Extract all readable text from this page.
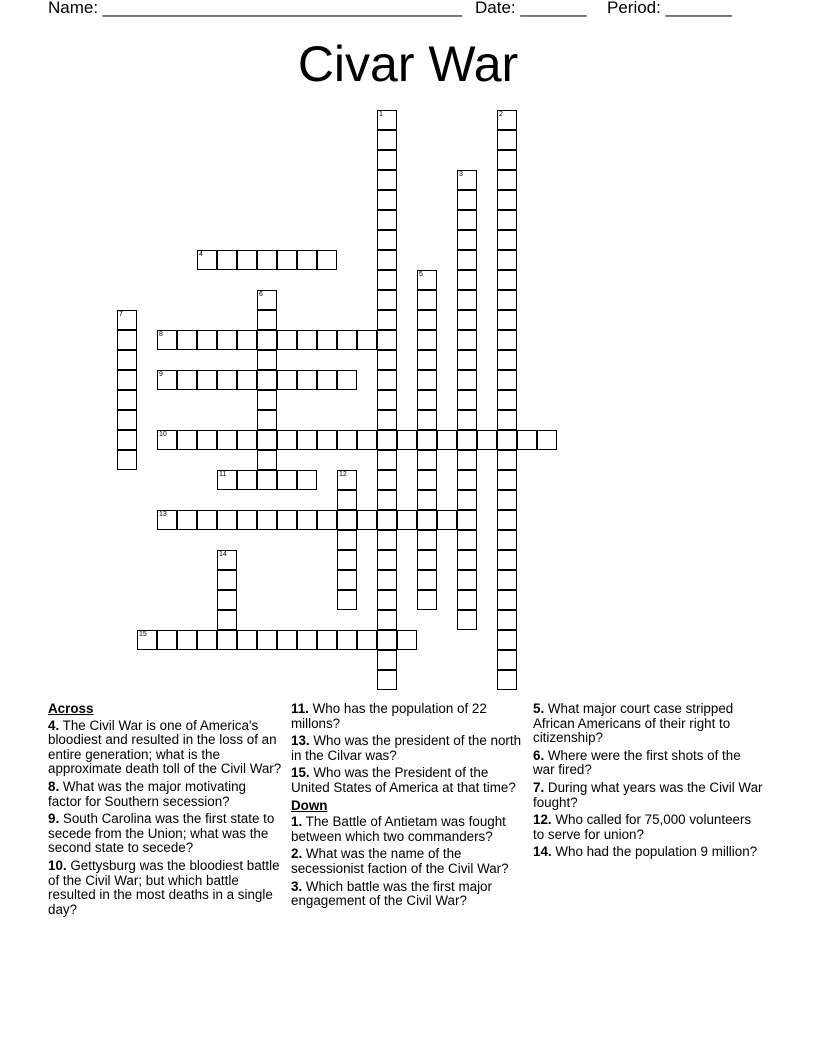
Name: ______________________________________ Date: _______ Period: _______
Civar War
1	2
3
4
5
6
7
8
9
10
11	12
13
14
15
Across
4. The Civil War is one of America's bloodiest and resulted in the loss of an entire generation; what is the approximate death toll of the Civil War?
8. What was the major motivating factor for Southern secession?
9. South Carolina was the first state to secede from the Union; what was the second state to secede?
10. Gettysburg was the bloodiest battle of the Civil War; but which battle resulted in the most deaths in a single day?
11. Who has the population of 22 millons?
13. Who was the president of the north in the Cilvar was?
15. Who was the President of the United States of America at that time?
Down
1. The Battle of Antietam was fought between which two commanders?
2. What was the name of the secessionist faction of the Civil War?
3. Which battle was the first major engagement of the Civil War?
5. What major court case stripped African Americans of their right to citizenship?
6. Where were the first shots of the war fired?
7. During what years was the Civil War fought?
12. Who called for 75,000 volunteers to serve for union?
14. Who had the population 9 million?
